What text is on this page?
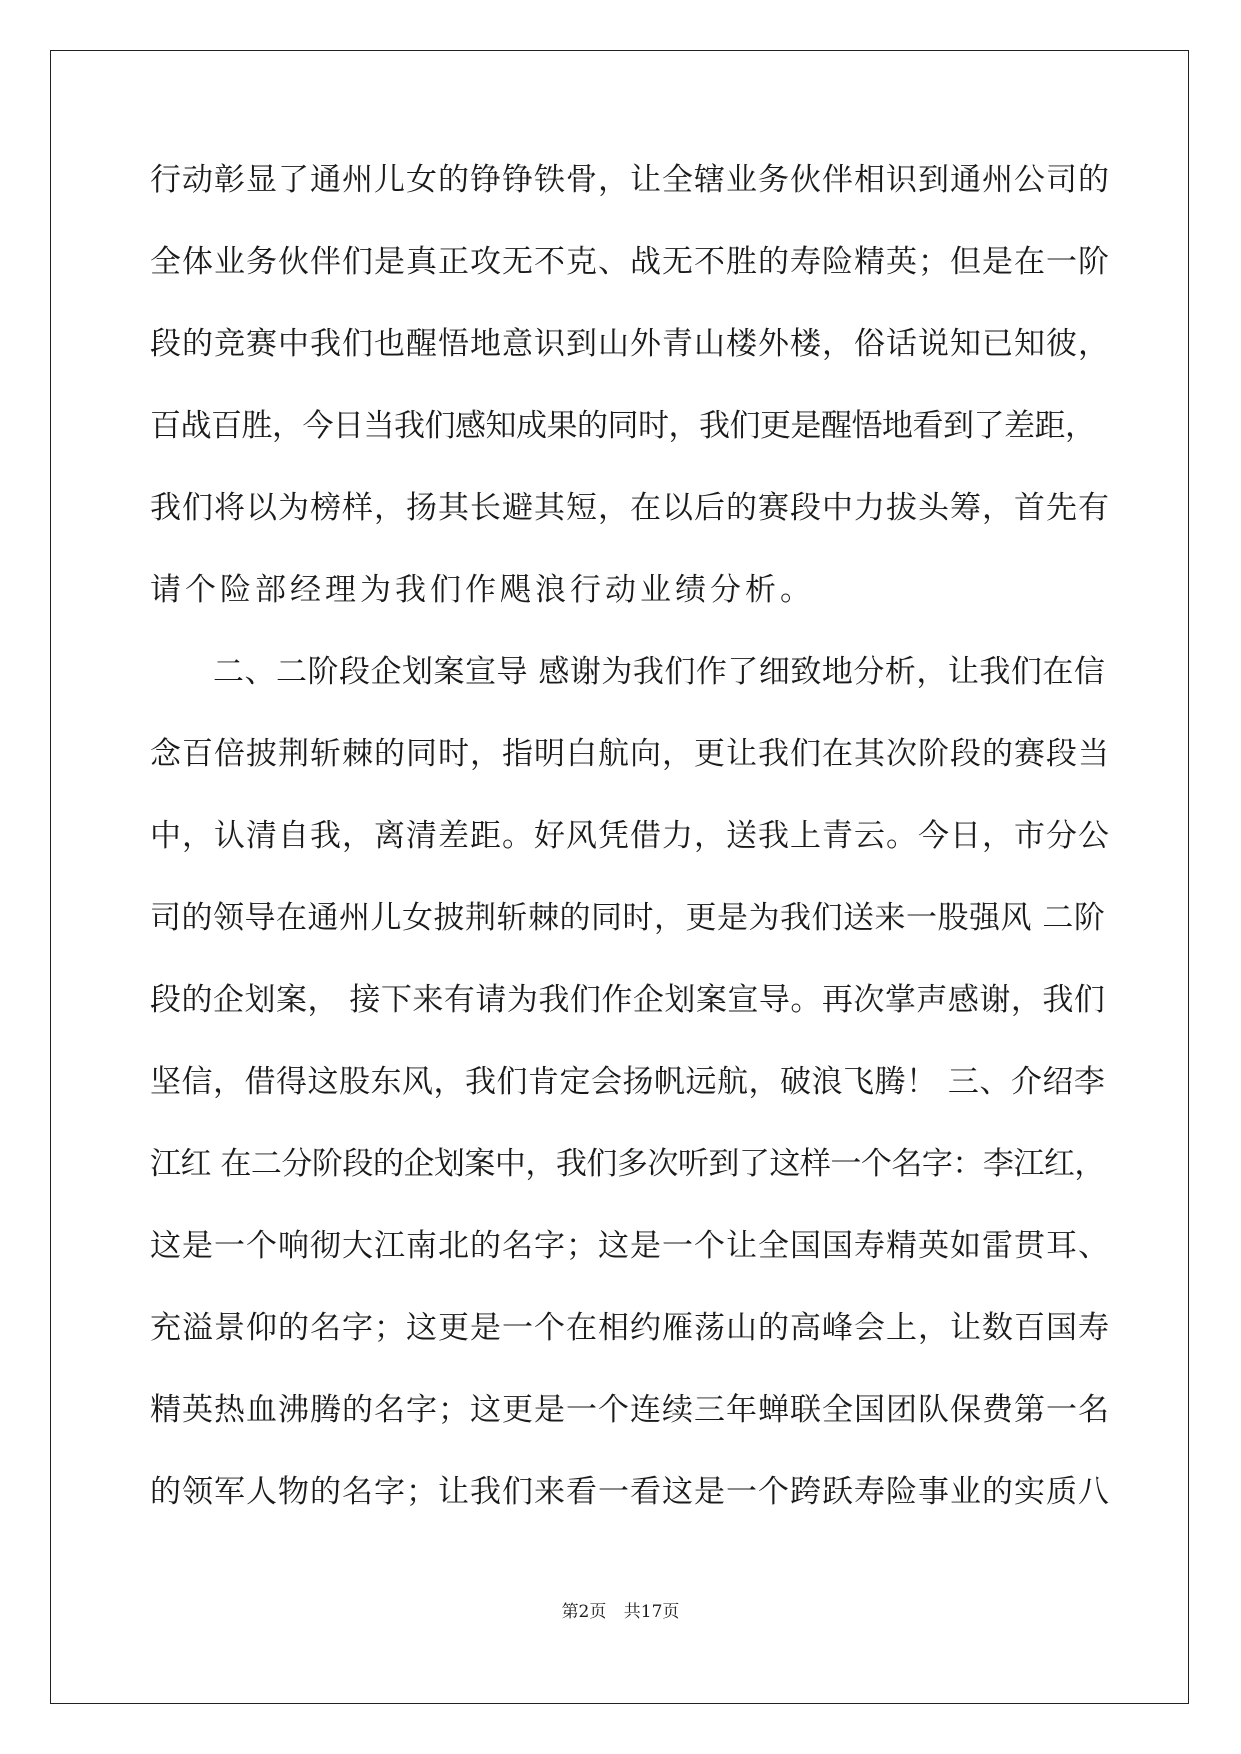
行动彰显了通州儿女的铮铮铁骨，让全辖业务伙伴相识到通州公司的
全体业务伙伴们是真正攻无不克、战无不胜的寿险精英；但是在一阶
段的竞赛中我们也醒悟地意识到山外青山楼外楼，俗话说知已知彼，
百战百胜，今日当我们感知成果的同时，我们更是醒悟地看到了差距，
我们将以为榜样，扬其长避其短，在以后的赛段中力拔头筹，首先有
请个险部经理为我们作飓浪行动业绩分析。
　　二、二阶段企划案宣导 感谢为我们作了细致地分析，让我们在信
念百倍披荆斩棘的同时，指明白航向，更让我们在其次阶段的赛段当
中，认清自我，离清差距。好风凭借力，送我上青云。今日，市分公
司的领导在通州儿女披荆斩棘的同时，更是为我们送来一股强风 二阶
段的企划案， 接下来有请为我们作企划案宣导。再次掌声感谢，我们
坚信，借得这股东风，我们肯定会扬帆远航，破浪飞腾！ 三、介绍李
江红 在二分阶段的企划案中，我们多次听到了这样一个名字：李江红，
这是一个响彻大江南北的名字；这是一个让全国国寿精英如雷贯耳、
充溢景仰的名字；这更是一个在相约雁荡山的高峰会上，让数百国寿
精英热血沸腾的名字；这更是一个连续三年蝉联全国团队保费第一名
的领军人物的名字；让我们来看一看这是一个跨跃寿险事业的实质八
第2页 共17页
